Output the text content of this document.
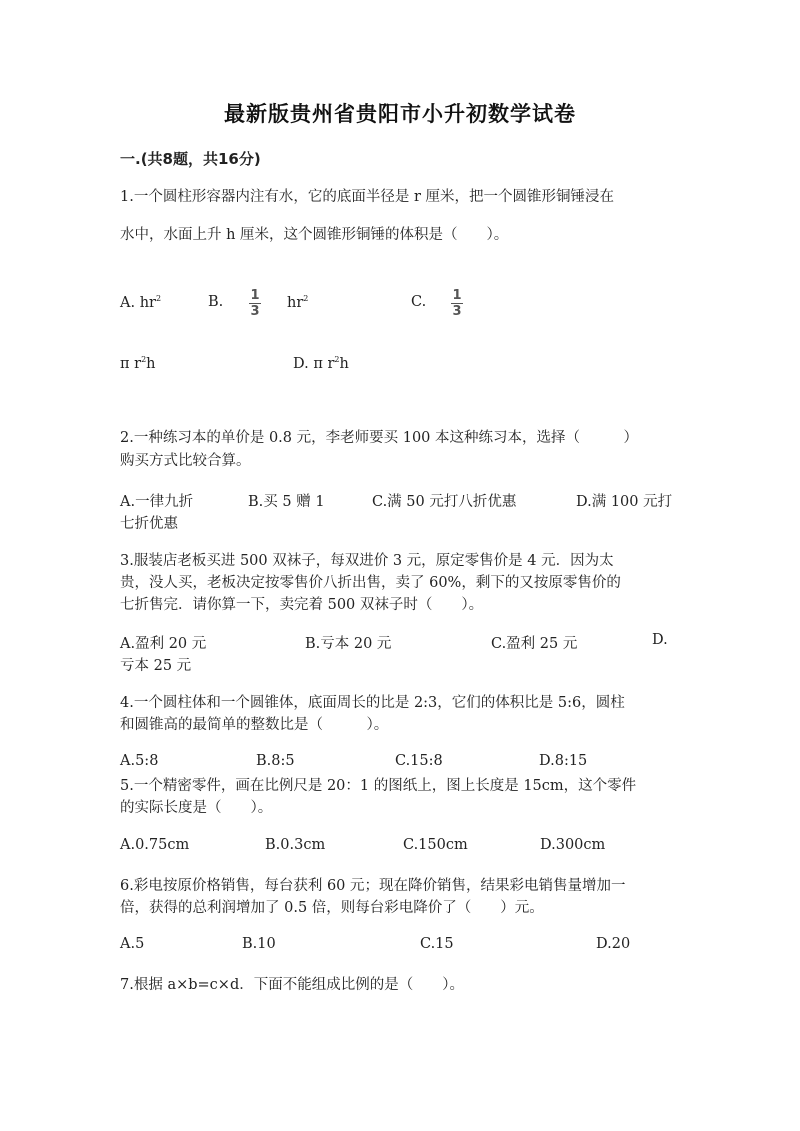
最新版贵州省贵阳市小升初数学试卷
一.(共8题，共16分)
1.一个圆柱形容器内注有水，它的底面半径是 r 厘米，把一个圆锥形铜锤浸在
水中，水面上升 h 厘米，这个圆锥形铜锤的体积是（　　）。
A. $hr^2$	B. 1
3
$hr^2$	C. 1
3
π $r^2h$	D. π $r^2h$
2.一种练习本的单价是 0.8 元，李老师要买 100 本这种练习本，选择（　　　）
购买方式比较合算。
A.一律九折	B.买 5 赠 1	C.满 50 元打八折优惠	D.满 100 元打
七折优惠
3.服装店老板买进 500 双袜子，每双进价 3 元，原定零售价是 4 元．因为太
贵，没人买，老板决定按零售价八折出售，卖了 60%，剩下的又按原零售价的
七折售完．请你算一下，卖完着 500 双袜子时（　　）。
A.盈利 20 元	B.亏本 20 元	C.盈利 25 元	D.
亏本 25 元
4.一个圆柱体和一个圆锥体，底面周长的比是 2:3，它们的体积比是 5:6，圆柱
和圆锥高的最简单的整数比是（　　　）。
A.5:8	B.8:5	C.15:8	D.8:15
5.一个精密零件，画在比例尺是 20：1 的图纸上，图上长度是 15cm，这个零件
的实际长度是（　　）。
A.0.75cm	B.0.3cm	C.150cm	D.300cm
6.彩电按原价格销售，每台获利 60 元；现在降价销售，结果彩电销售量增加一
倍，获得的总利润增加了 0.5 倍，则每台彩电降价了（　　）元。
A.5	B.10	C.15	D.20
7.根据 a×b=c×d．下面不能组成比例的是（　　）。
